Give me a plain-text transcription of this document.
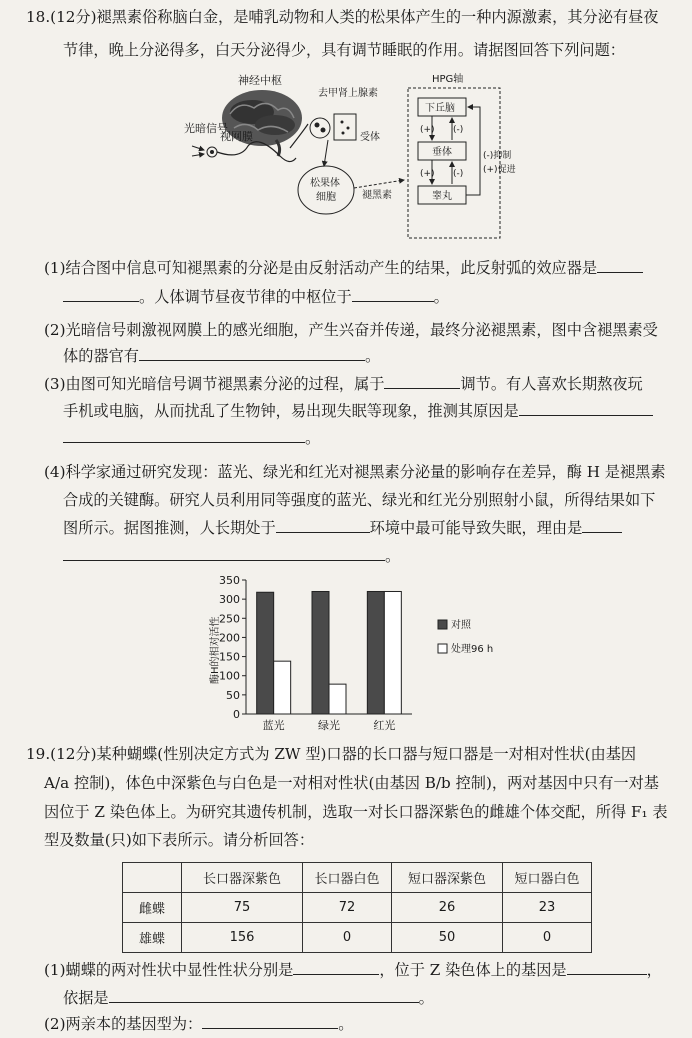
18.(12分)褪黑素俗称脑白金，是哺乳动物和人类的松果体产生的一种内源激素，其分泌有昼夜
节律，晚上分泌得多，白天分泌得少，具有调节睡眠的作用。请据图回答下列问题：
神经中枢
光暗信号
视网膜
去甲肾上腺素
受体
松果体
细胞	褪黑素
HPG轴
下丘脑
垂体
睾丸
(+) (-)
(+) (-)
(-)抑制
(+)促进
(1)结合图中信息可知褪黑素的分泌是由反射活动产生的结果，此反射弧的效应器是
。人体调节昼夜节律的中枢位于	。
(2)光暗信号刺激视网膜上的感光细胞，产生兴奋并传递，最终分泌褪黑素，图中含褪黑素受
体的器官有	。
(3)由图可知光暗信号调节褪黑素分泌的过程，属于	调节。有人喜欢长期熬夜玩
手机或电脑，从而扰乱了生物钟，易出现失眠等现象，推测其原因是
。
(4)科学家通过研究发现：蓝光、绿光和红光对褪黑素分泌量的影响存在差异，酶 H 是褪黑素
合成的关键酶。研究人员利用同等强度的蓝光、绿光和红光分别照射小鼠，所得结果如下
图所示。据图推测，人长期处于	环境中最可能导致失眠，理由是
。
酶H的相对活性
0
50
100
150
200
250
300
350
蓝光	绿光	红光
对照
处理96 h
19.(12分)某种蝴蝶(性别决定方式为 ZW 型)口器的长口器与短口器是一对相对性状(由基因
A/a 控制)，体色中深紫色与白色是一对相对性状(由基因 B/b 控制)，两对基因中只有一对基
因位于 Z 染色体上。为研究其遗传机制，选取一对长口器深紫色的雌雄个体交配，所得 F₁ 表
型及数量(只)如下表所示。请分析回答：
	长口器深紫色	长口器白色	短口器深紫色	短口器白色
雌蝶	75	72	26	23
雄蝶	156	0	50	0
(1)蝴蝶的两对性状中显性性状分别是	，位于 Z 染色体上的基因是	，
依据是	。
(2)两亲本的基因型为：	。
